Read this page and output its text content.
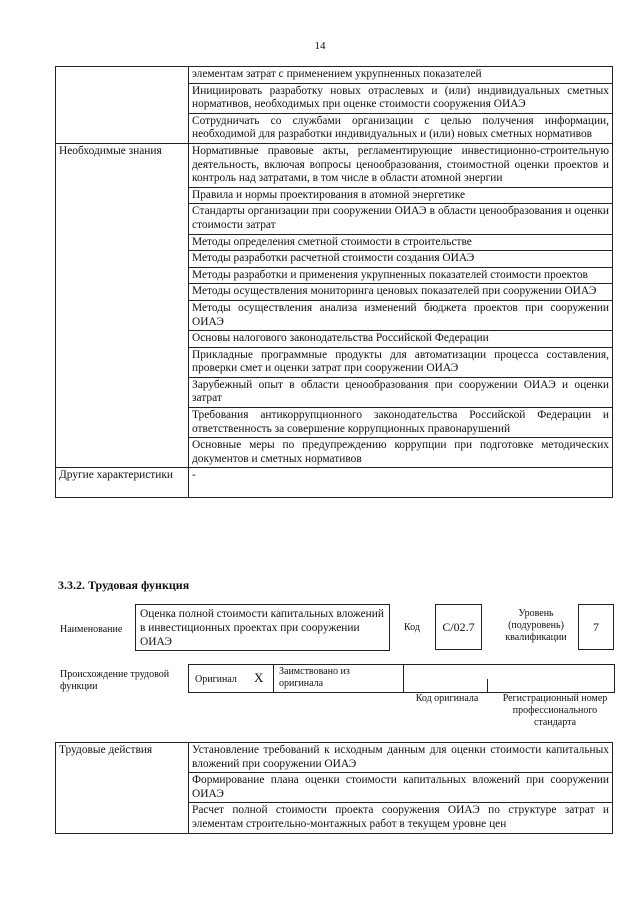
14
	элементам затрат с применением укрупненных показателей
	Инициировать разработку новых отраслевых и (или) индивидуальных сметных нормативов, необходимых при оценке стоимости сооружения ОИАЭ
	Сотрудничать со службами организации с целью получения информации, необходимой для разработки индивидуальных и (или) новых сметных нормативов
Необходимые знания	Нормативные правовые акты, регламентирующие инвестиционно-строительную деятельность, включая вопросы ценообразования, стоимостной оценки проектов и контроль над затратами, в том числе в области атомной энергии
	Правила и нормы проектирования в атомной энергетике
	Стандарты организации при сооружении ОИАЭ в области ценообразования и оценки стоимости затрат
	Методы определения сметной стоимости в строительстве
	Методы разработки расчетной стоимости создания ОИАЭ
	Методы разработки и применения укрупненных показателей стоимости проектов
	Методы осуществления мониторинга ценовых показателей при сооружении ОИАЭ
	Методы осуществления анализа изменений бюджета проектов при сооружении ОИАЭ
	Основы налогового законодательства Российской Федерации
	Прикладные программные продукты для автоматизации процесса составления, проверки смет и оценки затрат при сооружении ОИАЭ
	Зарубежный опыт в области ценообразования при сооружении ОИАЭ и оценки затрат
	Требования антикоррупционного законодательства Российской Федерации и ответственность за совершение коррупционных правонарушений
	Основные меры по предупреждению коррупции при подготовке методических документов и сметных нормативов
Другие характеристики	-
3.3.2. Трудовая функция
Наименование
Оценка полной стоимости капитальных вложений в инвестиционных проектах при сооружении ОИАЭ
Код	C/02.7
Уровень (подуровень) квалификации
7
Происхождение трудовой функции
Оригинал X Заимствовано из оригинала
Код оригинала	Регистрационный номер профессионального стандарта
Трудовые действия	Установление требований к исходным данным для оценки стоимости капитальных вложений при сооружении ОИАЭ
Формирование плана оценки стоимости капитальных вложений при сооружении ОИАЭ
Расчет полной стоимости проекта сооружения ОИАЭ по структуре затрат и элементам строительно-монтажных работ в текущем уровне цен
